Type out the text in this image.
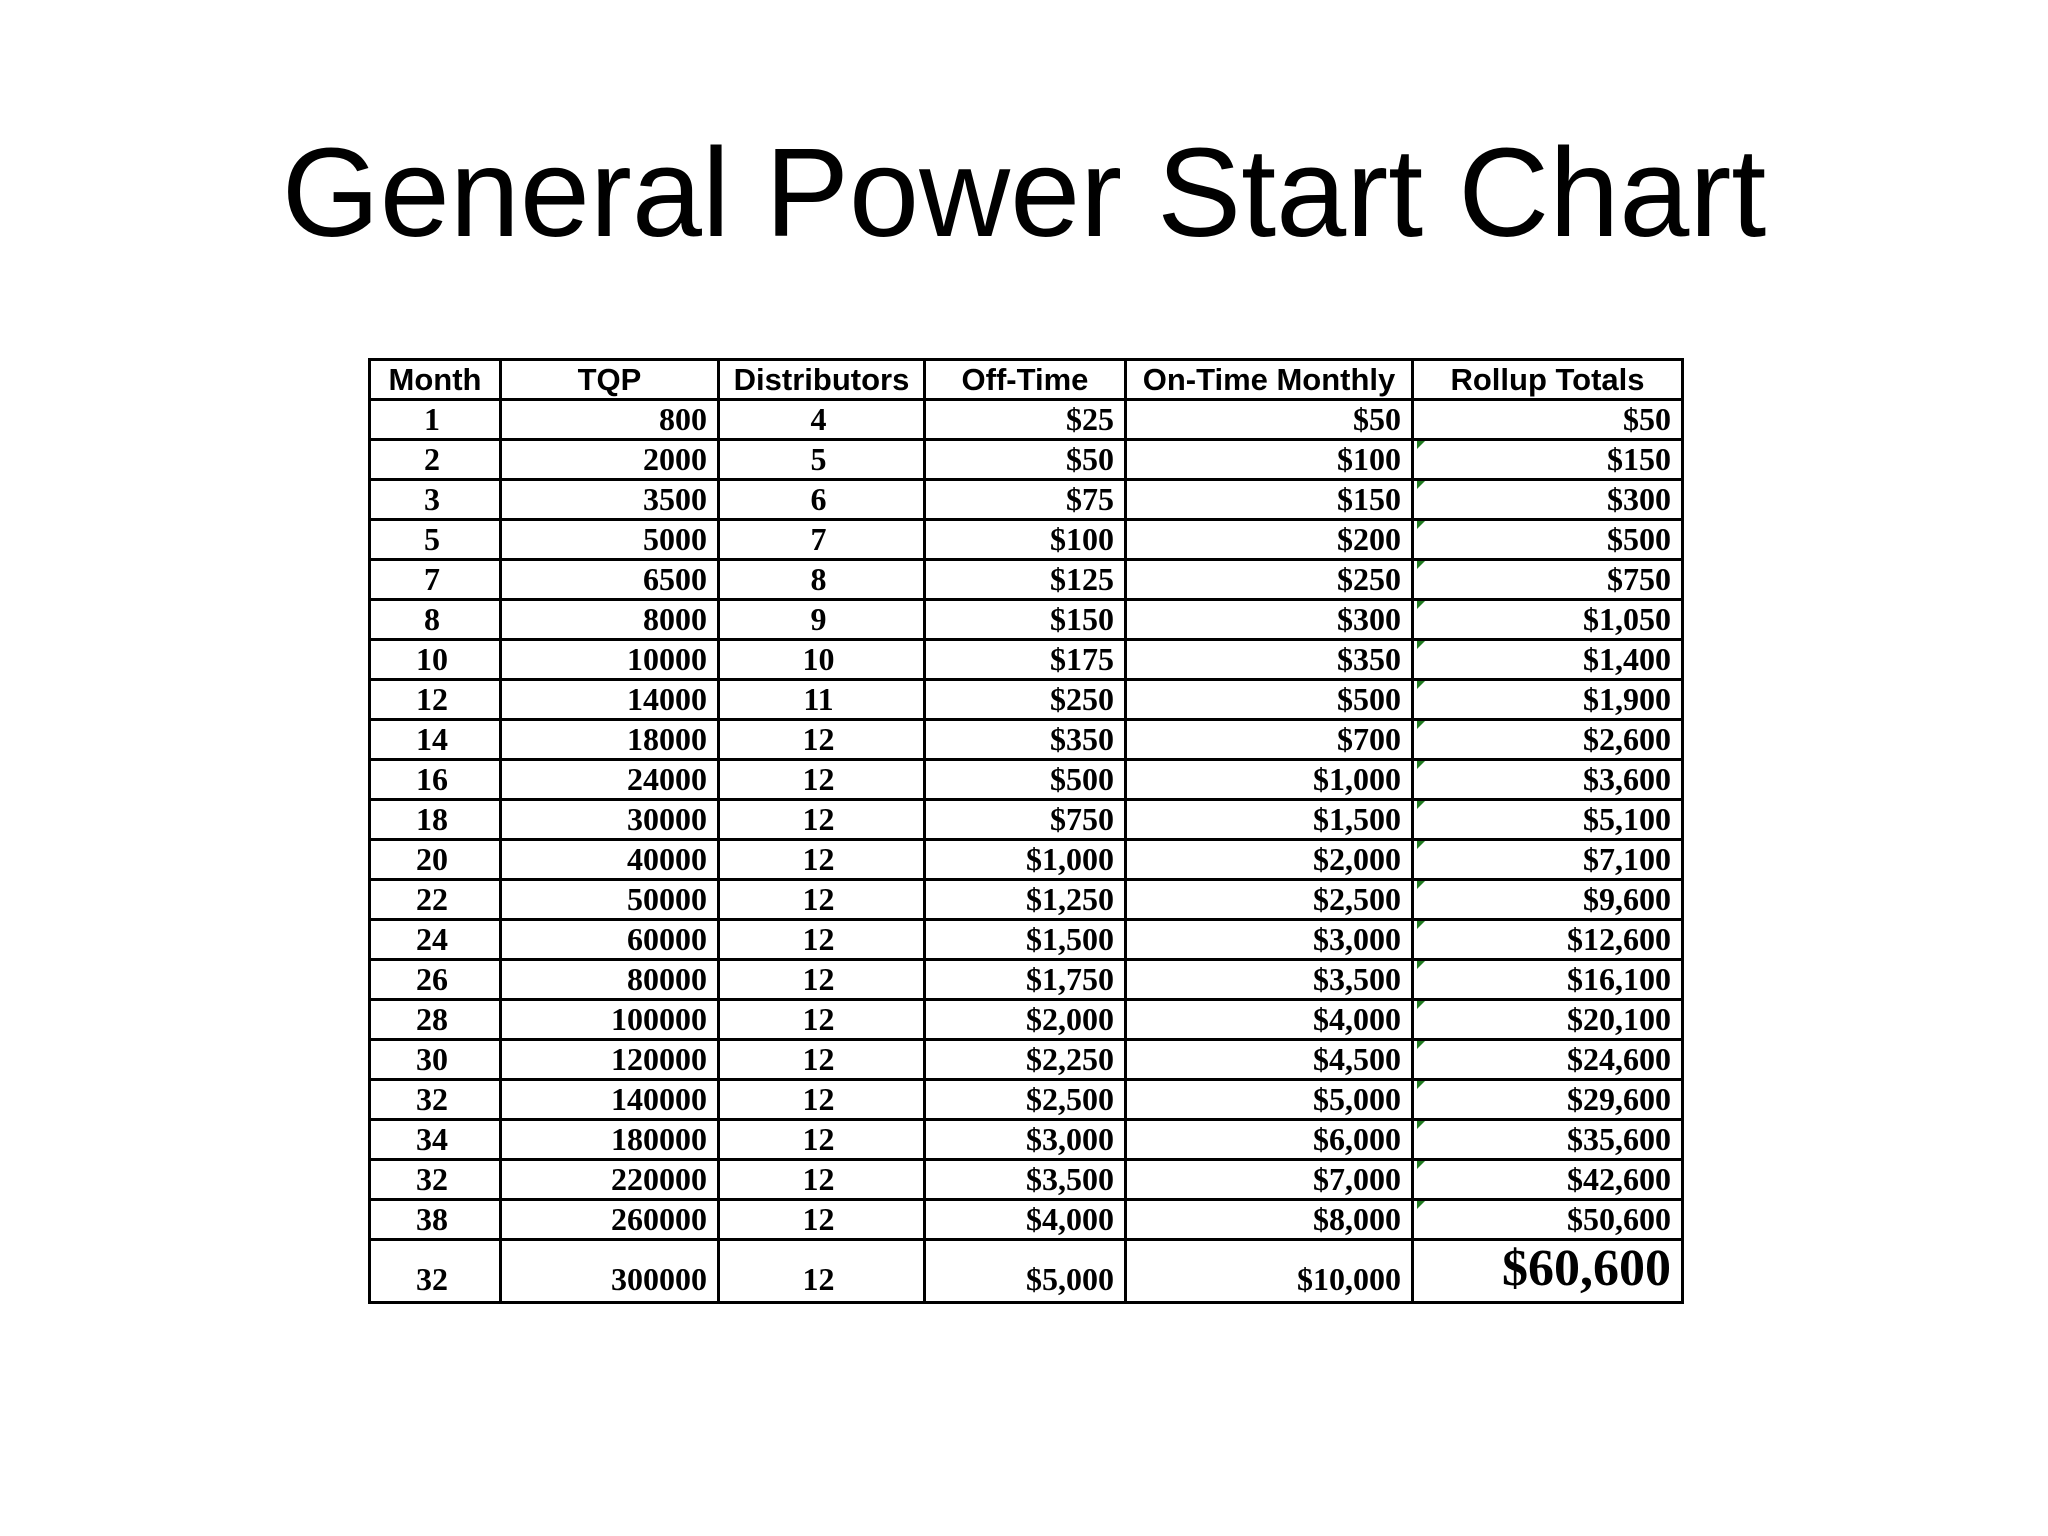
General Power Start Chart
Month	TQP	Distributors	Off-Time	On-Time Monthly	Rollup Totals
1	800	4	$25	$50	$50
2	2000	5	$50	$100	$150
3	3500	6	$75	$150	$300
5	5000	7	$100	$200	$500
7	6500	8	$125	$250	$750
8	8000	9	$150	$300	$1,050
10	10000	10	$175	$350	$1,400
12	14000	11	$250	$500	$1,900
14	18000	12	$350	$700	$2,600
16	24000	12	$500	$1,000	$3,600
18	30000	12	$750	$1,500	$5,100
20	40000	12	$1,000	$2,000	$7,100
22	50000	12	$1,250	$2,500	$9,600
24	60000	12	$1,500	$3,000	$12,600
26	80000	12	$1,750	$3,500	$16,100
28	100000	12	$2,000	$4,000	$20,100
30	120000	12	$2,250	$4,500	$24,600
32	140000	12	$2,500	$5,000	$29,600
34	180000	12	$3,000	$6,000	$35,600
32	220000	12	$3,500	$7,000	$42,600
38	260000	12	$4,000	$8,000	$50,600
32	300000	12	$5,000	$10,000	$60,600
